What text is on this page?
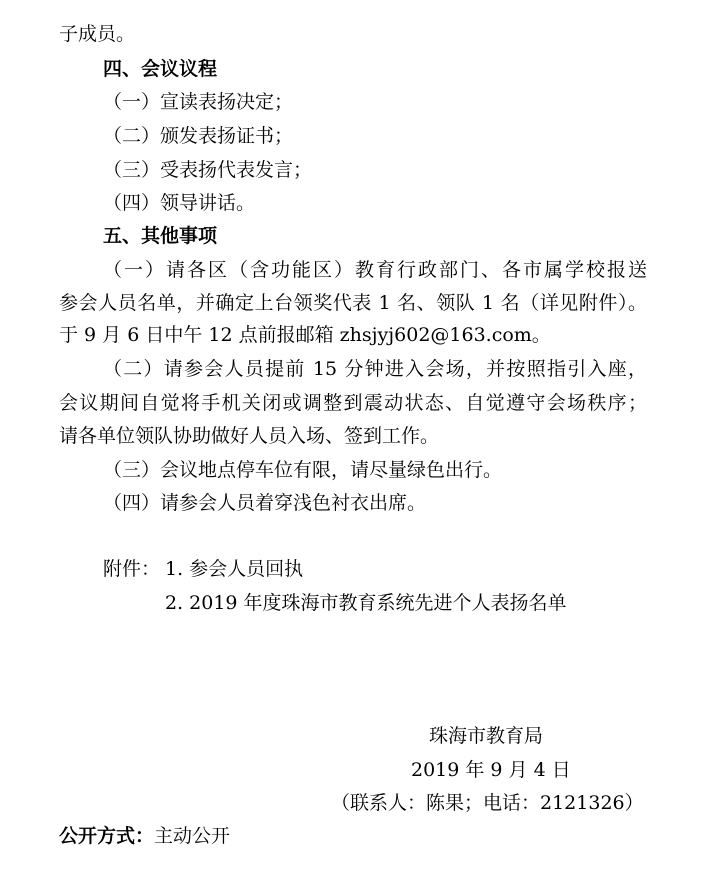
子成员。
四、会议议程
（一）宣读表扬决定；
（二）颁发表扬证书；
（三）受表扬代表发言；
（四）领导讲话。
五、其他事项
（一）请各区（含功能区）教育行政部门、各市属学校报送
参会人员名单，并确定上台领奖代表 1 名、领队 1 名（详见附件）。
于 9 月 6 日中午 12 点前报邮箱 zhsjyj602@163.com。
（二）请参会人员提前 15 分钟进入会场，并按照指引入座，
会议期间自觉将手机关闭或调整到震动状态、自觉遵守会场秩序；
请各单位领队协助做好人员入场、签到工作。
（三）会议地点停车位有限，请尽量绿色出行。
（四）请参会人员着穿浅色衬衣出席。
附件： 1. 参会人员回执
2. 2019 年度珠海市教育系统先进个人表扬名单
珠海市教育局
2019 年 9 月 4 日
（联系人：陈果；电话：2121326）
公开方式：主动公开
